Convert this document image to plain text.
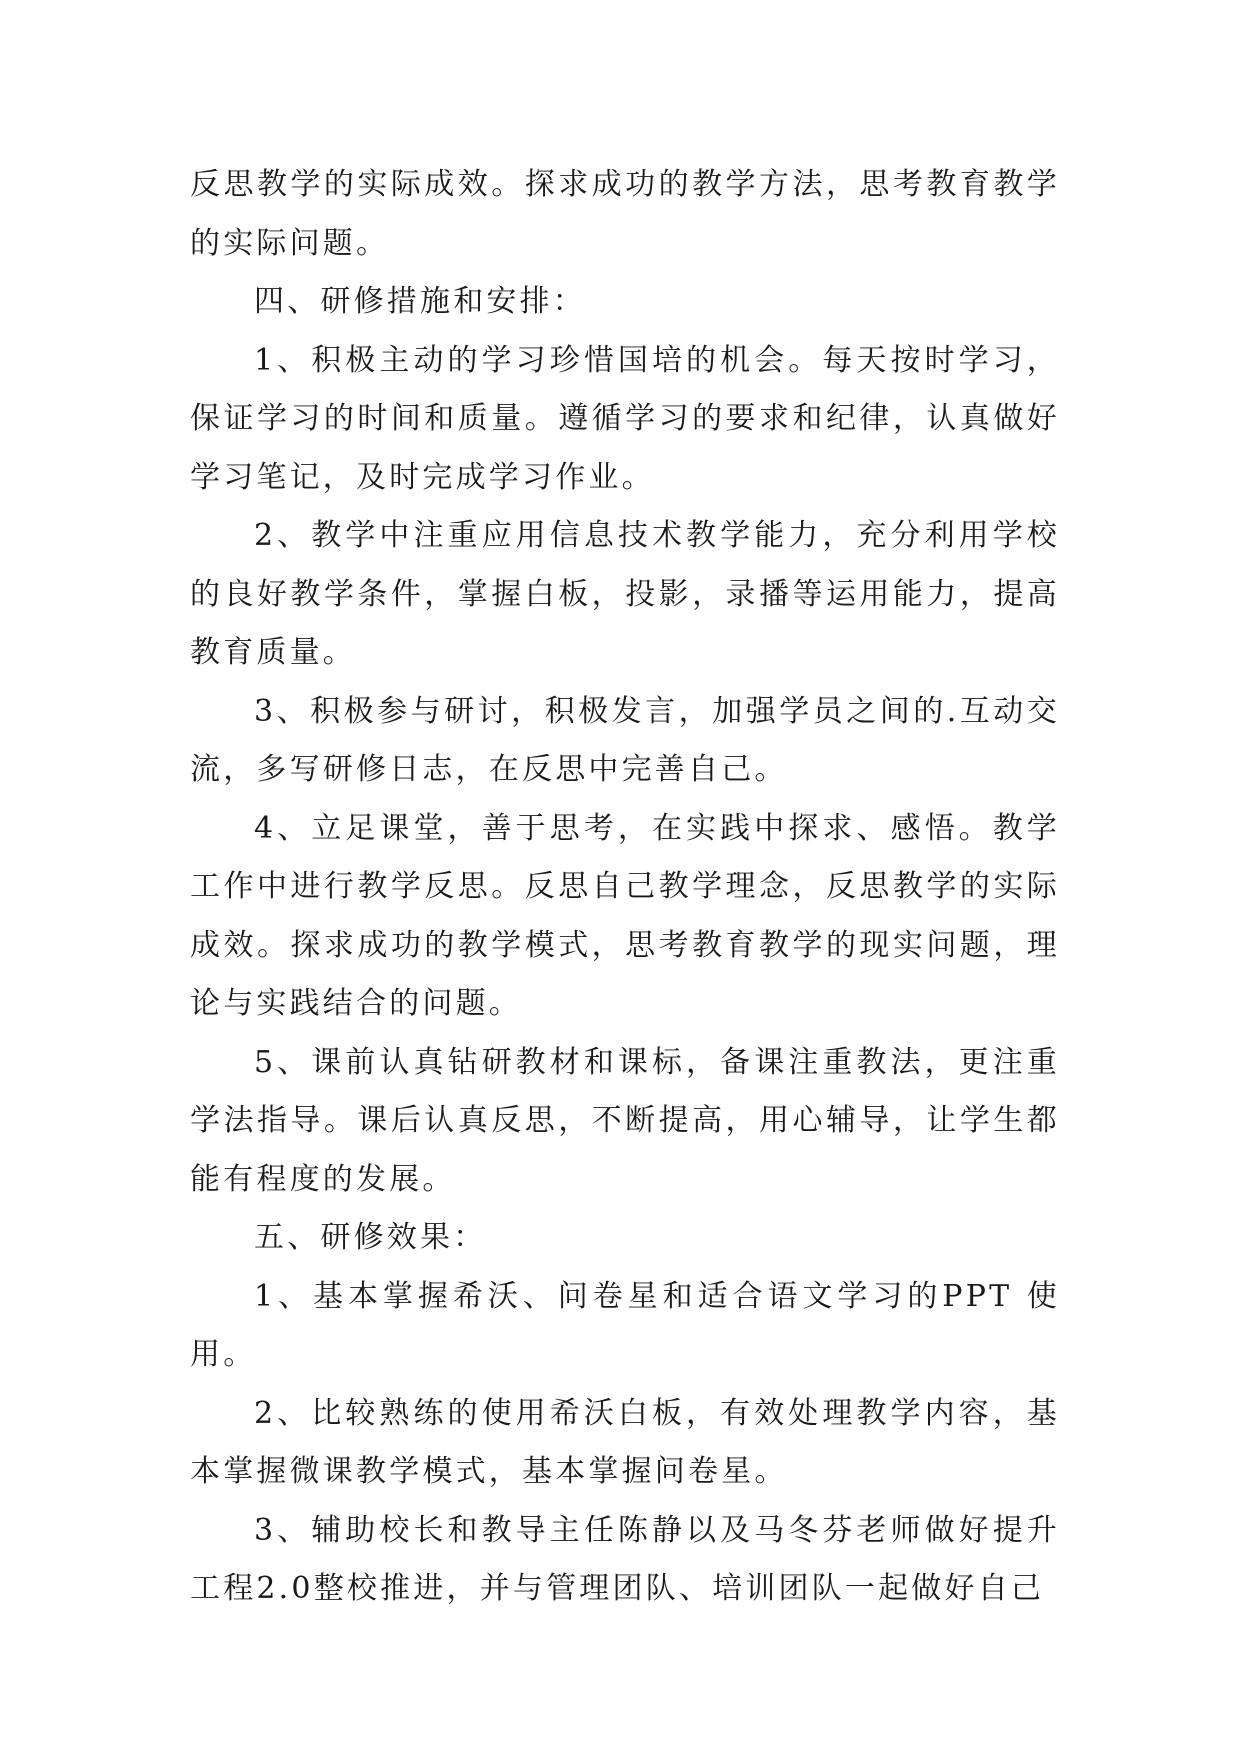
反思教学的实际成效。探求成功的教学方法，思考教育教学的实际问题。

四、研修措施和安排：

1、积极主动的学习珍惜国培的机会。每天按时学习，保证学习的时间和质量。遵循学习的要求和纪律，认真做好学习笔记，及时完成学习作业。

2、教学中注重应用信息技术教学能力，充分利用学校的良好教学条件，掌握白板，投影，录播等运用能力，提高教育质量。

3、积极参与研讨，积极发言，加强学员之间的.互动交流，多写研修日志，在反思中完善自己。

4、立足课堂，善于思考，在实践中探求、感悟。教学工作中进行教学反思。反思自己教学理念，反思教学的实际成效。探求成功的教学模式，思考教育教学的现实问题，理论与实践结合的问题。

5、课前认真钻研教材和课标，备课注重教法，更注重学法指导。课后认真反思，不断提高，用心辅导，让学生都能有程度的发展。

五、研修效果：

1、基本掌握希沃、问卷星和适合语文学习的PPT 使用。

2、比较熟练的使用希沃白板，有效处理教学内容，基本掌握微课教学模式，基本掌握问卷星。

3、辅助校长和教导主任陈静以及马冬芬老师做好提升工程2.0整校推进，并与管理团队、培训团队一起做好自己
